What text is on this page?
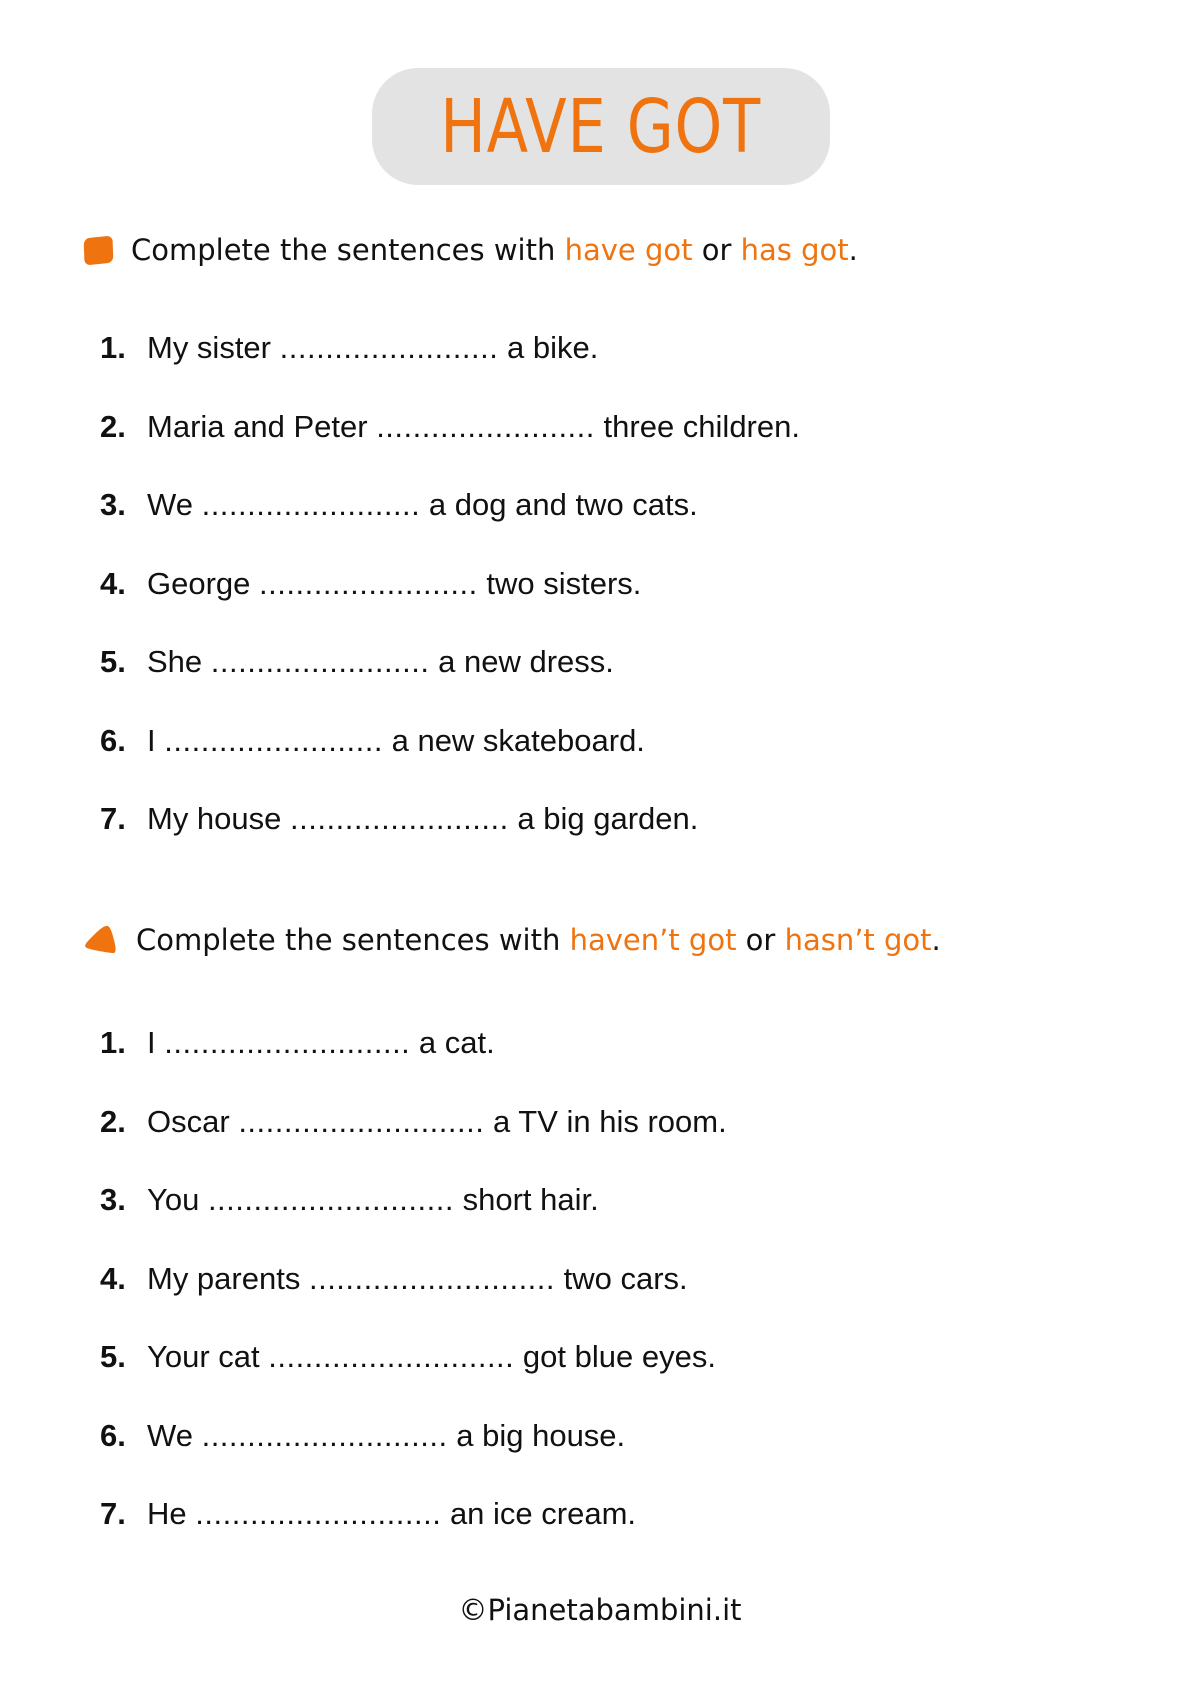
HAVE GOT
Complete the sentences with have got or has got .
1. My sister
........................
a bike.
2. Maria and Peter
........................
three children.
3. We
........................
a dog and two cats.
4. George
........................
two sisters.
5. She
........................
a new dress.
6. I
........................
a new skateboard.
7. My house
........................
a big garden.
Complete the sentences with haven’t got or hasn’t got .
1. I
...........................
a cat.
2. Oscar
...........................
a TV in his room.
3. You
...........................
short hair.
4. My parents
...........................
two cars.
5. Your cat
...........................
got blue eyes.
6. We
...........................
a big house.
7. He
...........................
an ice cream.
©Pianetabambini.it
